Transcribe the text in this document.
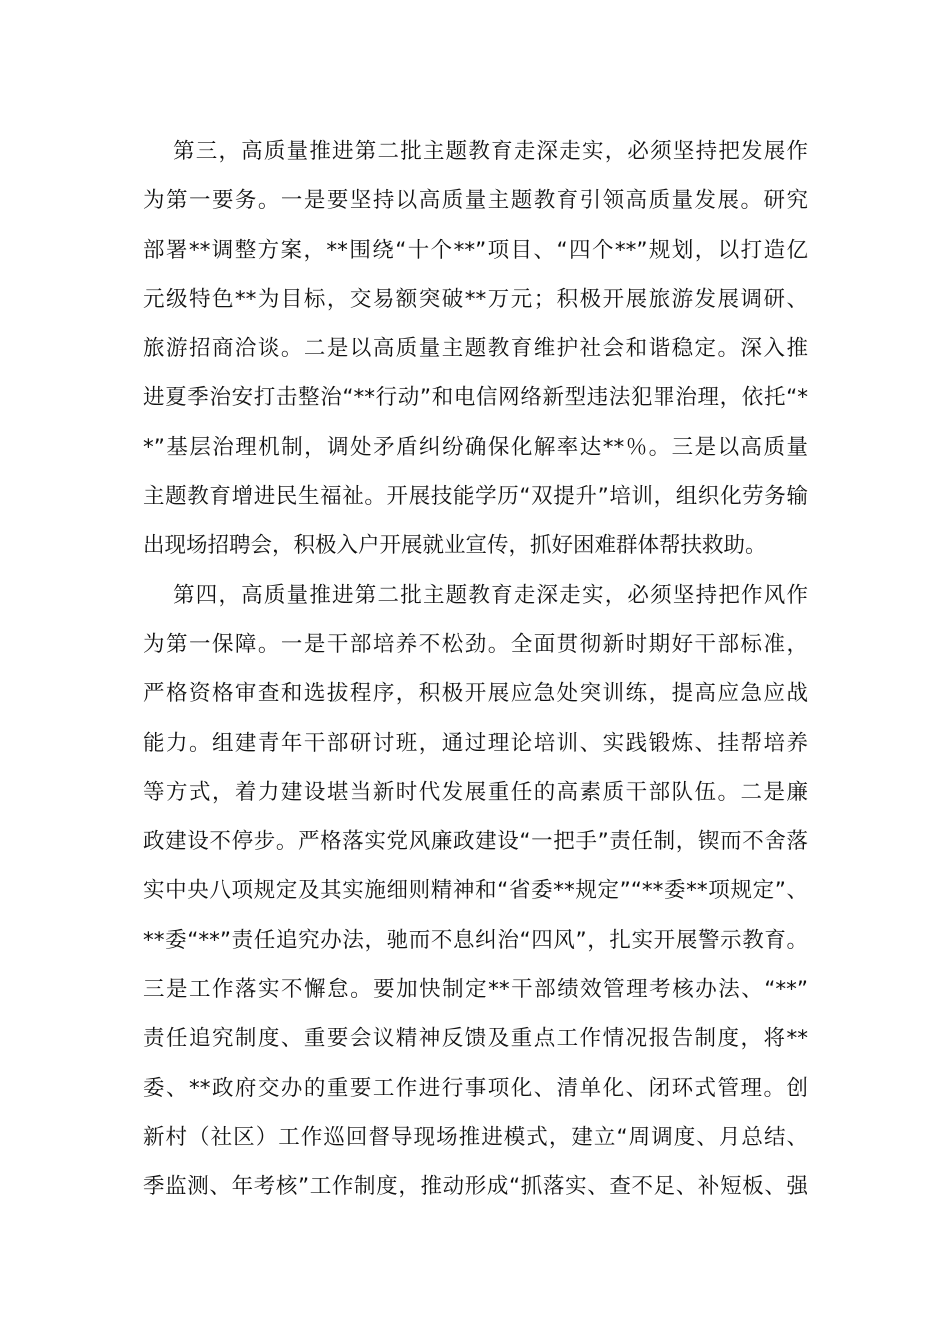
第三，高质量推进第二批主题教育走深走实，必须坚持把发展作
为第一要务。一是要坚持以高质量主题教育引领高质量发展。研究
部署**调整方案，**围绕“十个**”项目、“四个**”规划，以打造亿
元级特色**为目标，交易额突破**万元；积极开展旅游发展调研、
旅游招商洽谈。二是以高质量主题教育维护社会和谐稳定。深入推
进夏季治安打击整治“**行动”和电信网络新型违法犯罪治理，依托“*
*”基层治理机制，调处矛盾纠纷确保化解率达**％。三是以高质量
主题教育增进民生福祉。开展技能学历“双提升”培训，组织化劳务输
出现场招聘会，积极入户开展就业宣传，抓好困难群体帮扶救助。
第四，高质量推进第二批主题教育走深走实，必须坚持把作风作
为第一保障。一是干部培养不松劲。全面贯彻新时期好干部标准，
严格资格审查和选拔程序，积极开展应急处突训练，提高应急应战
能力。组建青年干部研讨班，通过理论培训、实践锻炼、挂帮培养
等方式，着力建设堪当新时代发展重任的高素质干部队伍。二是廉
政建设不停步。严格落实党风廉政建设“一把手”责任制，锲而不舍落
实中央八项规定及其实施细则精神和“省委**规定”“**委**项规定”、
**委“**”责任追究办法，驰而不息纠治“四风”，扎实开展警示教育。
三是工作落实不懈怠。要加快制定**干部绩效管理考核办法、“**”
责任追究制度、重要会议精神反馈及重点工作情况报告制度，将**
委、**政府交办的重要工作进行事项化、清单化、闭环式管理。创
新村（社区）工作巡回督导现场推进模式，建立“周调度、月总结、
季监测、年考核”工作制度，推动形成“抓落实、查不足、补短板、强
